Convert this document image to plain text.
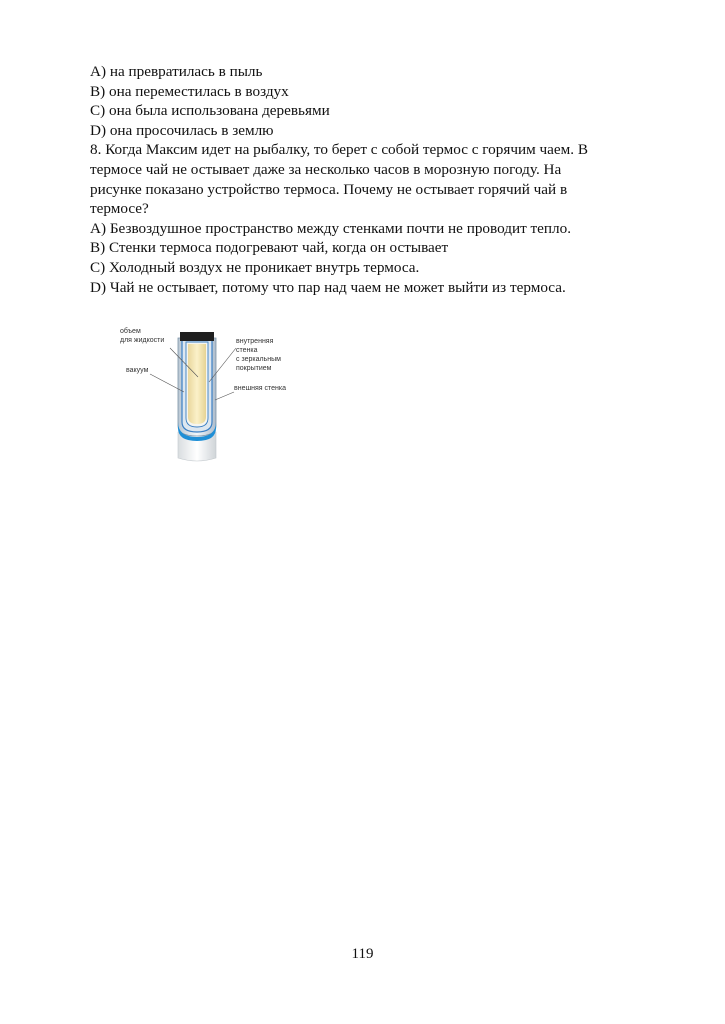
A) на превратилась в пыль
B) она переместилась в воздух
C) она была использована деревьями
D) она просочилась в землю
8. Когда Максим идет на рыбалку, то берет с собой термос с горячим чаем. В
термосе чай не остывает даже за несколько часов в морозную погоду. На
рисунке показано устройство термоса. Почему не остывает горячий чай в
термосе?
A) Безвоздушное пространство между стенками почти не проводит тепло.
B) Стенки термоса подогревают чай, когда он остывает
C) Холодный воздух не проникает внутрь термоса.
D) Чай не остывает, потому что пар над чаем не может выйти из термоса.
объем
для жидкости
вакуум
внутренняя
стенка
с зеркальным
покрытием
внешняя стенка
119
